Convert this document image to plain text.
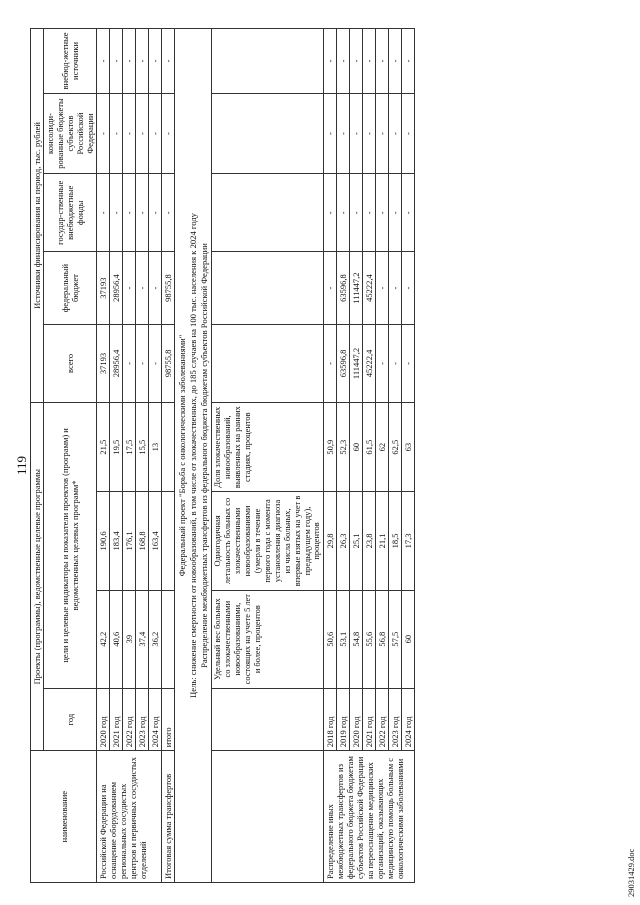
119
наименование	Проекты (программы), ведомственные целевые программы				Источники финансирования на период, тыс. рублей				
	год	цели и целевые индикаторы и показатели проектов (программ) и ведомственных целевых программ*			всего	федеральный бюджет	государ-ственные внебюджетные фонды	консолиди-рованные бюджеты субъектов Российской Федерации	внебюд-жетные источники
Российской Федерации на оснащение оборудованием региональных сосудистых центров и первичных сосудистых отделений	2020 год	42,2	190,6	21,5	37193	37193	-	-	-
	2021 год	40,6	183,4	19,5	28956,4	28956,4	-	-	-
	2022 год	39	176,1	17,5	-	-	-	-	-
	2023 год	37,4	168,8	15,5	-	-	-	-	-
	2024 год	36,2	163,4	13	-	-	-	-	-
Итоговая сумма трансфертов	итого				98755,8	98755,8	-	-	-

Федеральный проект "Борьба с онкологическими заболеваниями" Цель: снижение смертности от новообразований, в том числе от злокачественных, до 185 случаев на 100 тыс. населения к 2024 году Распределение межбюджетных трансфертов из федерального бюджета бюджетам субъектов Российской Федерации									

		Удельный вес больных со злокачественными новообразованиями, состоящих на учете 5 лет и более, процентов	Одногодичная летальность больных со злокачественными новообразованиями (умерли в течение первого года с момента установления диагноза из числа больных, впервые взятых на учет в предыдущем году), процентов	Доля злокачественных новообразований, выявленных на ранних стадиях, процентов					
Распределение иных межбюджетных трансфертов из федерального бюджета бюджетам субъектов Российской Федерации на переоснащение медицинских организаций, оказывающих медицинскую помощь больным с онкологическими заболеваниями	2018 год	50,6	29,8	50,9	-	-	-	-	-
	2019 год	53,1	26,3	52,3	63596,8	63596,8	-	-	-
	2020 год	54,8	25,1	60	111447,2	111447,2	-	-	-
	2021 год	55,6	23,8	61,5	45222,4	45222,4	-	-	-
	2022 год	56,8	21,1	62	-	-	-	-	-
	2023 год	57,5	18,5	62,5	-	-	-	-	-
	2024 год	60	17,3	63	-	-	-	-	-
29031429.doc
